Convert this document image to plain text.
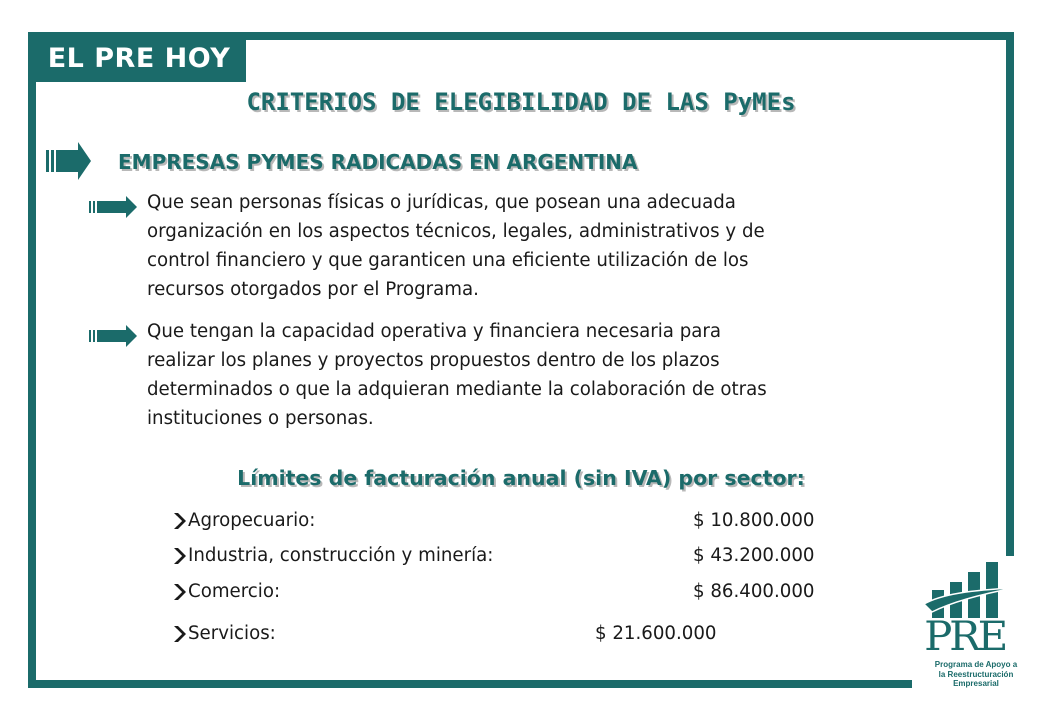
EL PRE HOY
CRITERIOS DE ELEGIBILIDAD DE LAS PyMEs
EMPRESAS PYMES RADICADAS EN ARGENTINA
Que sean personas físicas o jurídicas, que posean una adecuada
organización en los aspectos técnicos, legales, administrativos y de
control financiero y que garanticen una eficiente utilización de los
recursos otorgados por el Programa.
Que tengan la capacidad operativa y financiera necesaria para
realizar los planes y proyectos propuestos dentro de los plazos
determinados o que la adquieran mediante la colaboración de otras
instituciones o personas.
Límites de facturación anual (sin IVA) por sector:
Agropecuario:	$ 10.800.000
Industria, construcción y minería:	$ 43.200.000
Comercio:	$ 86.400.000
Servicios:	$ 21.600.000	PRE
Programa de Apoyo a
la Reestructuración
Empresarial
